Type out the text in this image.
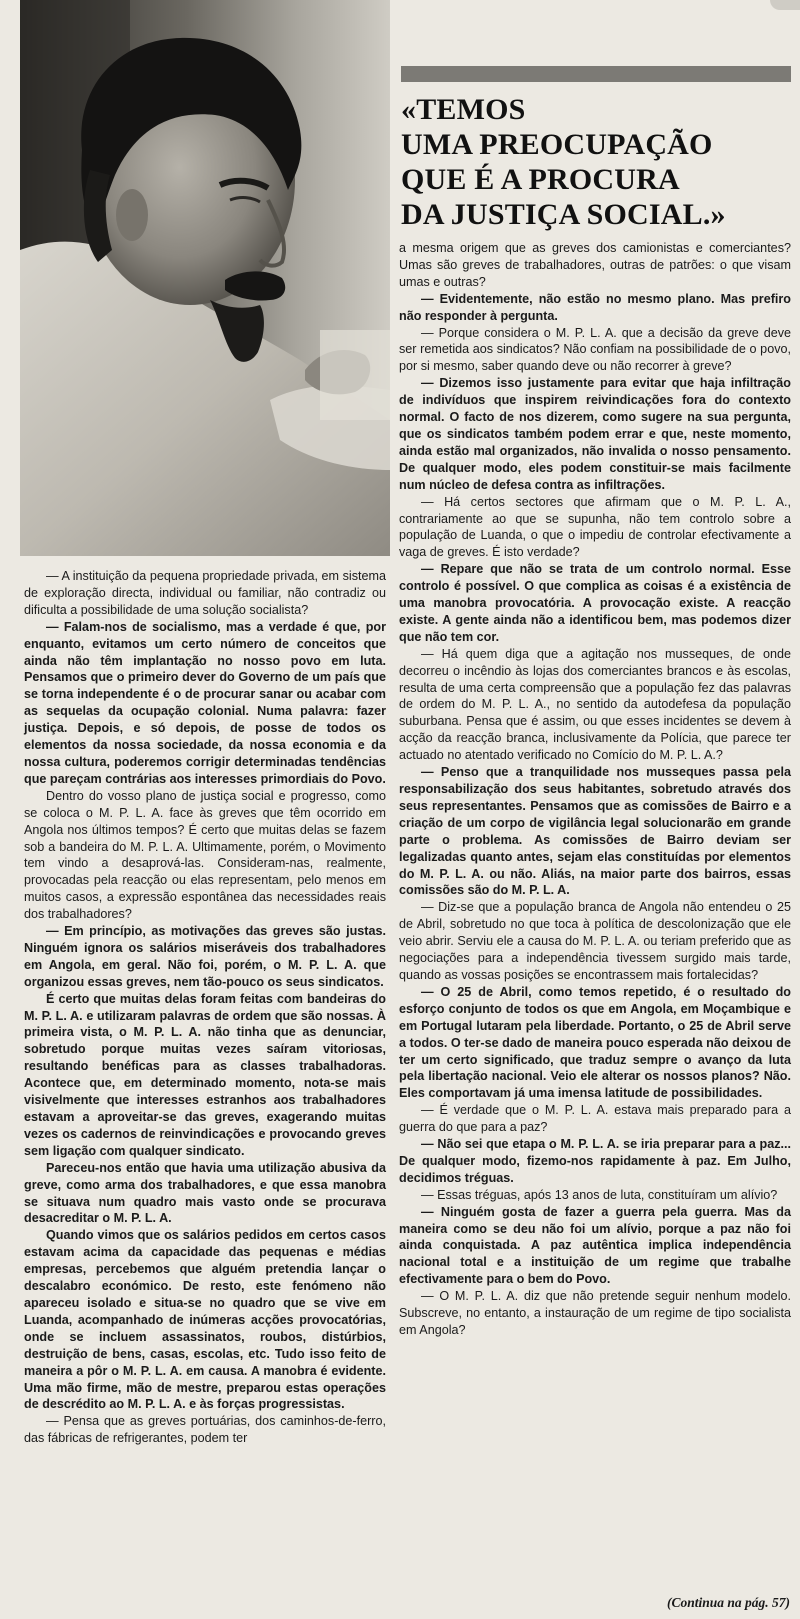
«TEMOS
UMA PREOCUPAÇÃO
QUE É A PROCURA
DA JUSTIÇA SOCIAL.»

— A instituição da pequena propriedade privada, em sistema de exploração directa, individual ou familiar, não contradiz ou dificulta a possibilidade de uma solução socialista?

— Falam-nos de socialismo, mas a verdade é que, por enquanto, evitamos um certo número de conceitos que ainda não têm implantação no nosso povo em luta. Pensamos que o primeiro dever do Governo de um país que se torna independente é o de procurar sanar ou acabar com as sequelas da ocupação colonial. Numa palavra: fazer justiça. Depois, e só depois, de posse de todos os elementos da nossa sociedade, da nossa economia e da nossa cultura, poderemos corrigir determinadas tendências que pareçam contrárias aos interesses primordiais do Povo.

Dentro do vosso plano de justiça social e progresso, como se coloca o M. P. L. A. face às greves que têm ocorrido em Angola nos últimos tempos? É certo que muitas delas se fazem sob a bandeira do M. P. L. A. Ultimamente, porém, o Movimento tem vindo a desaprová-las. Consideram-nas, realmente, provocadas pela reacção ou elas representam, pelo menos em muitos casos, a expressão espontânea das necessidades reais dos trabalhadores?

— Em princípio, as motivações das greves são justas. Ninguém ignora os salários miseráveis dos trabalhadores em Angola, em geral. Não foi, porém, o M. P. L. A. que organizou essas greves, nem tão-pouco os seus sindicatos.

É certo que muitas delas foram feitas com bandeiras do M. P. L. A. e utilizaram palavras de ordem que são nossas. À primeira vista, o M. P. L. A. não tinha que as denunciar, sobretudo porque muitas vezes saíram vitoriosas, resultando benéficas para as classes trabalhadoras. Acontece que, em determinado momento, nota-se mais visivelmente que interesses estranhos aos trabalhadores estavam a aproveitar-se das greves, exagerando muitas vezes os cadernos de reinvindicações e provocando greves sem ligação com qualquer sindicato.

Pareceu-nos então que havia uma utilização abusiva da greve, como arma dos trabalhadores, e que essa manobra se situava num quadro mais vasto onde se procurava desacreditar o M. P. L. A.

Quando vimos que os salários pedidos em certos casos estavam acima da capacidade das pequenas e médias empresas, percebemos que alguém pretendia lançar o descalabro económico. De resto, este fenómeno não apareceu isolado e situa-se no quadro que se vive em Luanda, acompanhado de inúmeras acções provocatórias, onde se incluem assassinatos, roubos, distúrbios, destruição de bens, casas, escolas, etc. Tudo isso feito de maneira a pôr o M. P. L. A. em causa. A manobra é evidente. Uma mão firme, mão de mestre, preparou estas operações de descrédito ao M. P. L. A. e às forças progressistas.

— Pensa que as greves portuárias, dos caminhos-de-ferro, das fábricas de refrigerantes, podem ter

a mesma origem que as greves dos camionistas e comerciantes? Umas são greves de trabalhadores, outras de patrões: o que visam umas e outras?

— Evidentemente, não estão no mesmo plano. Mas prefiro não responder à pergunta.

— Porque considera o M. P. L. A. que a decisão da greve deve ser remetida aos sindicatos? Não confiam na possibilidade de o povo, por si mesmo, saber quando deve ou não recorrer à greve?

— Dizemos isso justamente para evitar que haja infiltração de indivíduos que inspirem reivindicações fora do contexto normal. O facto de nos dizerem, como sugere na sua pergunta, que os sindicatos também podem errar e que, neste momento, ainda estão mal organizados, não invalida o nosso pensamento. De qualquer modo, eles podem constituir-se mais facilmente num núcleo de defesa contra as infiltrações.

— Há certos sectores que afirmam que o M. P. L. A., contrariamente ao que se supunha, não tem controlo sobre a população de Luanda, o que o impediu de controlar efectivamente a vaga de greves. É isto verdade?

— Repare que não se trata de um controlo normal. Esse controlo é possível. O que complica as coisas é a existência de uma manobra provocatória. A provocação existe. A reacção existe. A gente ainda não a identificou bem, mas podemos dizer que não tem cor.

— Há quem diga que a agitação nos musseques, de onde decorreu o incêndio às lojas dos comerciantes brancos e às escolas, resulta de uma certa compreensão que a população fez das palavras de ordem do M. P. L. A., no sentido da autodefesa da população suburbana. Pensa que é assim, ou que esses incidentes se devem à acção da reacção branca, inclusivamente da Polícia, que parece ter actuado no atentado verificado no Comício do M. P. L. A.?

— Penso que a tranquilidade nos musseques passa pela responsabilização dos seus habitantes, sobretudo através dos seus representantes. Pensamos que as comissões de Bairro e a criação de um corpo de vigilância legal solucionarão em grande parte o problema. As comissões de Bairro deviam ser legalizadas quanto antes, sejam elas constituídas por elementos do M. P. L. A. ou não. Aliás, na maior parte dos bairros, essas comissões são do M. P. L. A.

— Diz-se que a população branca de Angola não entendeu o 25 de Abril, sobretudo no que toca à política de descolonização que ele veio abrir. Serviu ele a causa do M. P. L. A. ou teriam preferido que as negociações para a independência tivessem surgido mais tarde, quando as vossas posições se encontrassem mais fortalecidas?

— O 25 de Abril, como temos repetido, é o resultado do esforço conjunto de todos os que em Angola, em Moçambique e em Portugal lutaram pela liberdade. Portanto, o 25 de Abril serve a todos. O ter-se dado de maneira pouco esperada não deixou de ter um certo significado, que traduz sempre o avanço da luta pela libertação nacional. Veio ele alterar os nossos planos? Não. Eles comportavam já uma imensa latitude de possibilidades.

— É verdade que o M. P. L. A. estava mais preparado para a guerra do que para a paz?

— Não sei que etapa o M. P. L. A. se iria preparar para a paz... De qualquer modo, fizemo-nos rapidamente à paz. Em Julho, decidimos tréguas.

— Essas tréguas, após 13 anos de luta, constituíram um alívio?

— Ninguém gosta de fazer a guerra pela guerra. Mas da maneira como se deu não foi um alívio, porque a paz não foi ainda conquistada. A paz autêntica implica independência nacional total e a instituição de um regime que trabalhe efectivamente para o bem do Povo.

— O M. P. L. A. diz que não pretende seguir nenhum modelo. Subscreve, no entanto, a instauração de um regime de tipo socialista em Angola?

(Continua na pág. 57)
